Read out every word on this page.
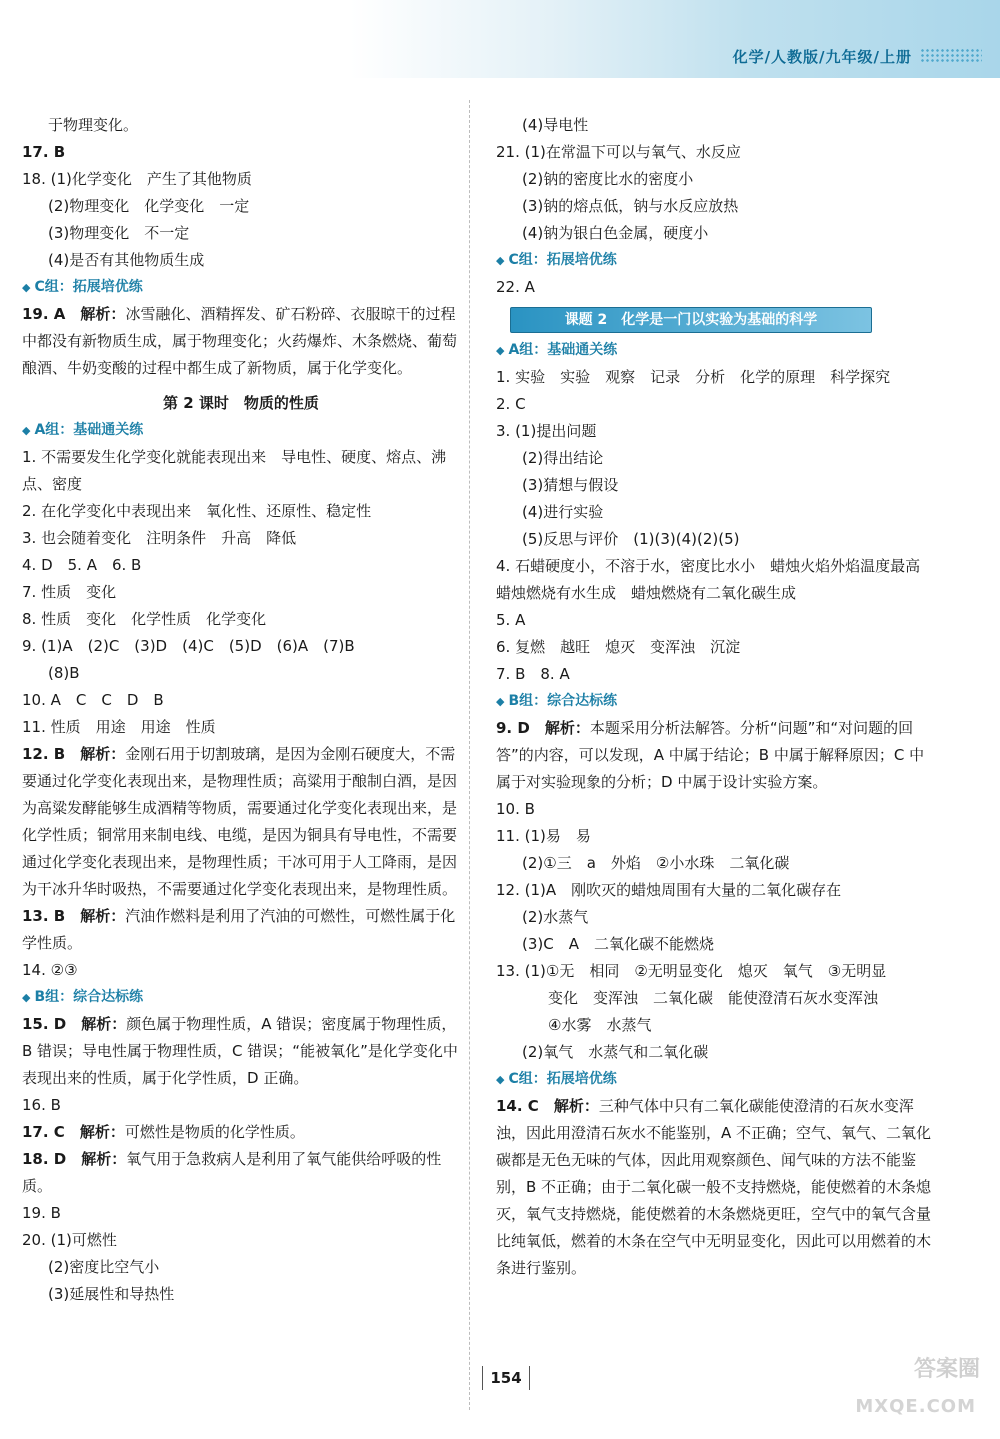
化学/人教版/九年级/上册
于物理变化。
17. B
18. (1)化学变化　产生了其他物质
(2)物理变化　化学变化　一定
(3)物理变化　不一定
(4)是否有其他物质生成
◆ C组：拓展培优练
19. A　 解析：冰雪融化、酒精挥发、矿石粉碎、衣服晾干的过程中都没有新物质生成，属于物理变化；火药爆炸、木条燃烧、葡萄酿酒、牛奶变酸的过程中都生成了新物质，属于化学变化。
第 2 课时　物质的性质
◆ A组：基础通关练
1. 不需要发生化学变化就能表现出来　导电性、硬度、熔点、沸点、密度
2. 在化学变化中表现出来　氧化性、还原性、稳定性
3. 也会随着变化　注明条件　升高　降低
4. D　5. A　6. B
7. 性质　变化
8. 性质　变化　化学性质　化学变化
9. (1)A　(2)C　(3)D　(4)C　(5)D　(6)A　(7)B
(8)B
10. A　C　C　D　B
11. 性质　用途　用途　性质
12. B　 解析：金刚石用于切割玻璃，是因为金刚石硬度大，不需要通过化学变化表现出来，是物理性质；高粱用于酿制白酒，是因为高粱发酵能够生成酒精等物质，需要通过化学变化表现出来，是化学性质；铜常用来制电线、电缆，是因为铜具有导电性，不需要通过化学变化表现出来，是物理性质；干冰可用于人工降雨，是因为干冰升华时吸热，不需要通过化学变化表现出来，是物理性质。
13. B　 解析：汽油作燃料是利用了汽油的可燃性，可燃性属于化学性质。
14. ②③
◆ B组：综合达标练
15. D　 解析：颜色属于物理性质，A 错误；密度属于物理性质，B 错误；导电性属于物理性质，C 错误；“能被氧化”是化学变化中表现出来的性质，属于化学性质，D 正确。
16. B
17. C　 解析：可燃性是物质的化学性质。
18. D　 解析：氧气用于急救病人是利用了氧气能供给呼吸的性质。
19. B
20. (1)可燃性
(2)密度比空气小
(3)延展性和导热性
(4)导电性
21. (1)在常温下可以与氧气、水反应
(2)钠的密度比水的密度小
(3)钠的熔点低，钠与水反应放热
(4)钠为银白色金属，硬度小
◆ C组：拓展培优练
22. A
课题 2　化学是一门以实验为基础的科学
◆ A组：基础通关练
1. 实验　实验　观察　记录　分析　化学的原理　科学探究
2. C
3. (1)提出问题
(2)得出结论
(3)猜想与假设
(4)进行实验
(5)反思与评价　(1)(3)(4)(2)(5)
4. 石蜡硬度小，不溶于水，密度比水小　蜡烛火焰外焰温度最高　蜡烛燃烧有水生成　蜡烛燃烧有二氧化碳生成
5. A
6. 复燃　越旺　熄灭　变浑浊　沉淀
7. B　8. A
◆ B组：综合达标练
9. D　 解析：本题采用分析法解答。分析“问题”和“对问题的回答”的内容，可以发现，A 中属于结论；B 中属于解释原因；C 中属于对实验现象的分析；D 中属于设计实验方案。
10. B
11. (1)易　易
(2)①三　a　外焰　②小水珠　二氧化碳
12. (1)A　刚吹灭的蜡烛周围有大量的二氧化碳存在
(2)水蒸气
(3)C　A　二氧化碳不能燃烧
13. (1)①无　相同　②无明显变化　熄灭　氧气　③无明显
变化　变浑浊　二氧化碳　能使澄清石灰水变浑浊
④水雾　水蒸气
(2)氧气　水蒸气和二氧化碳
◆ C组：拓展培优练
14. C　 解析：三种气体中只有二氧化碳能使澄清的石灰水变浑浊，因此用澄清石灰水不能鉴别，A 不正确；空气、氧气、二氧化碳都是无色无味的气体，因此用观察颜色、闻气味的方法不能鉴别，B 不正确；由于二氧化碳一般不支持燃烧，能使燃着的木条熄灭，氧气支持燃烧，能使燃着的木条燃烧更旺，空气中的氧气含量比纯氧低，燃着的木条在空气中无明显变化，因此可以用燃着的木条进行鉴别。
154	答案圈
MXQE.COM
